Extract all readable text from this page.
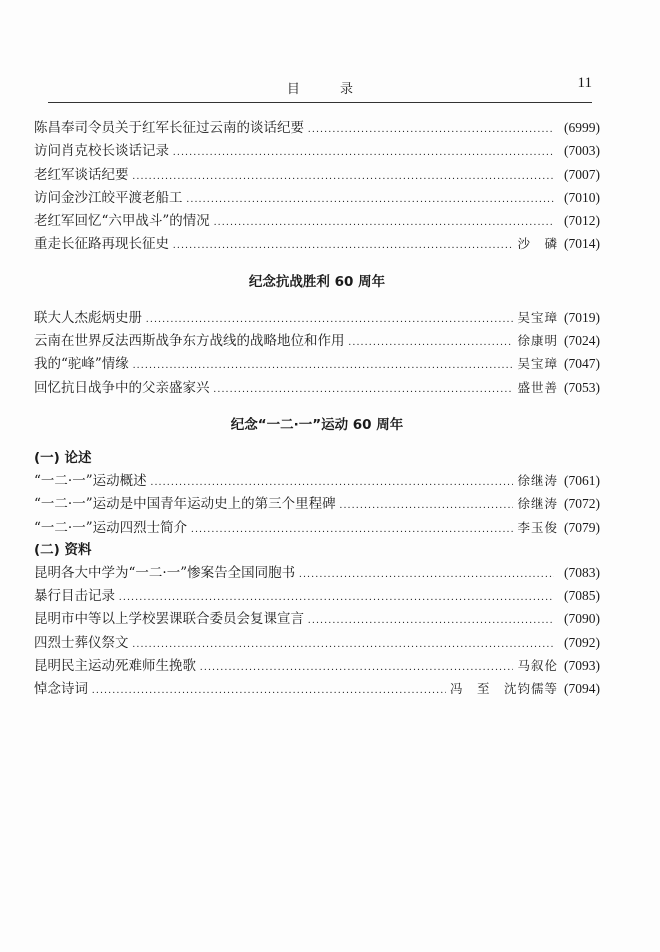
目 录	11
陈昌奉司令员关于红军长征过云南的谈话纪要 .....	(6999)
访问肖克校长谈话记录 .....	(7003)
老红军谈话纪要 .....	(7007)
访问金沙江皎平渡老船工 .....	(7010)
老红军回忆“六甲战斗”的情况 .....	(7012)
重走长征路再现长征史 .....	沙　磷 (7014)
纪念抗战胜利 60 周年
联大人杰彪炳史册 .....	吴宝璋 (7019)
云南在世界反法西斯战争东方战线的战略地位和作用 .....	徐康明 (7024)
我的“驼峰”情缘 .....	吴宝璋 (7047)
回忆抗日战争中的父亲盛家兴 .....	盛世善 (7053)
纪念“一二·一”运动 60 周年
(一) 论述
“一二·一”运动概述 .....	徐继涛 (7061)
“一二·一”运动是中国青年运动史上的第三个里程碑 .....	徐继涛 (7072)
“一二·一”运动四烈士简介 .....	李玉俊 (7079)
(二) 资料
昆明各大中学为“一二·一”惨案告全国同胞书 .....	(7083)
暴行目击记录 .....	(7085)
昆明市中等以上学校罢课联合委员会复课宣言 .....	(7090)
四烈士葬仪祭文 .....	(7092)
昆明民主运动死难师生挽歌 .....	马叙伦 (7093)
悼念诗词 .....	冯　至　沈钧儒等 (7094)
